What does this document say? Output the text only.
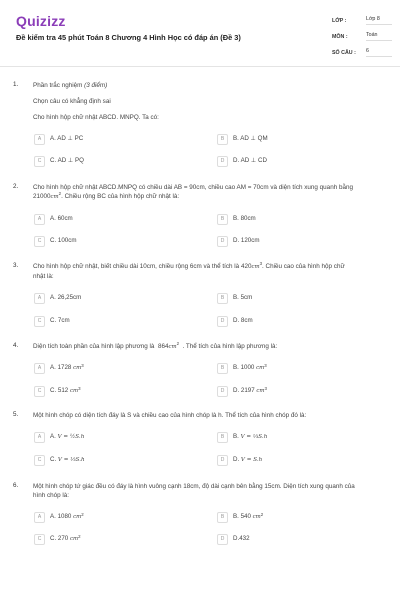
Quizizz
Đề kiểm tra 45 phút Toán 8 Chương 4 Hình Học có đáp án (Đề 3)
LỚP :	Lớp 8
MÔN :	Toán
SỐ CÂU : 6
1. Phần trắc nghiệm (3 điểm)
Chọn câu có khẳng định sai
Cho hình hộp chữ nhật ABCD. MNPQ. Ta có:
A	A. AD ⊥ PC	B	B. AD ⊥ QM
C	C. AD ⊥ PQ	D	D. AD ⊥ CD
2. Cho hình hộp chữ nhật ABCD.MNPQ có chiều dài AB = 90cm, chiều cao AM = 70cm và diện tích xung quanh bằng
$21000cm^2$. Chiều rộng BC của hình hộp chữ nhật là:
A	A. 60cm	B	B. 80cm
C	C. 100cm	D	D. 120cm
3. Cho hình hộp chữ nhật, biết chiều dài 10cm, chiều rộng 6cm và thể tích là $420cm^3$. Chiều cao của hình hộp chữ
nhật là:
A	A. 26,25cm	B	B. 5cm
C	C. 7cm	D	D. 8cm
4. Diện tích toàn phần của hình lập phương là $864cm^2$ . Thể tích của hình lập phương là:
A	A. 1728 $cm^3$	B	B. 1000 $cm^3$
C	C. 512 $cm^3$	D	D. 2197 $cm^3$
5. Một hình chóp có diện tích đáy là S và chiều cao của hình chóp là h. Thể tích của hình chóp đó là:
A	A. V = ½S.h	B	B. V = ⅓S.h
C	C. V = ⅓S.h	D	D. V = S.h
6. Một hình chóp tứ giác đều có đáy là hình vuông cạnh 18cm, độ dài cạnh bên bằng 15cm. Diện tích xung quanh của
hình chóp là:
A	A. 1080 $cm^2$	B	B. 540 $cm^2$
C	C. 270 $cm^2$	D	D.432
